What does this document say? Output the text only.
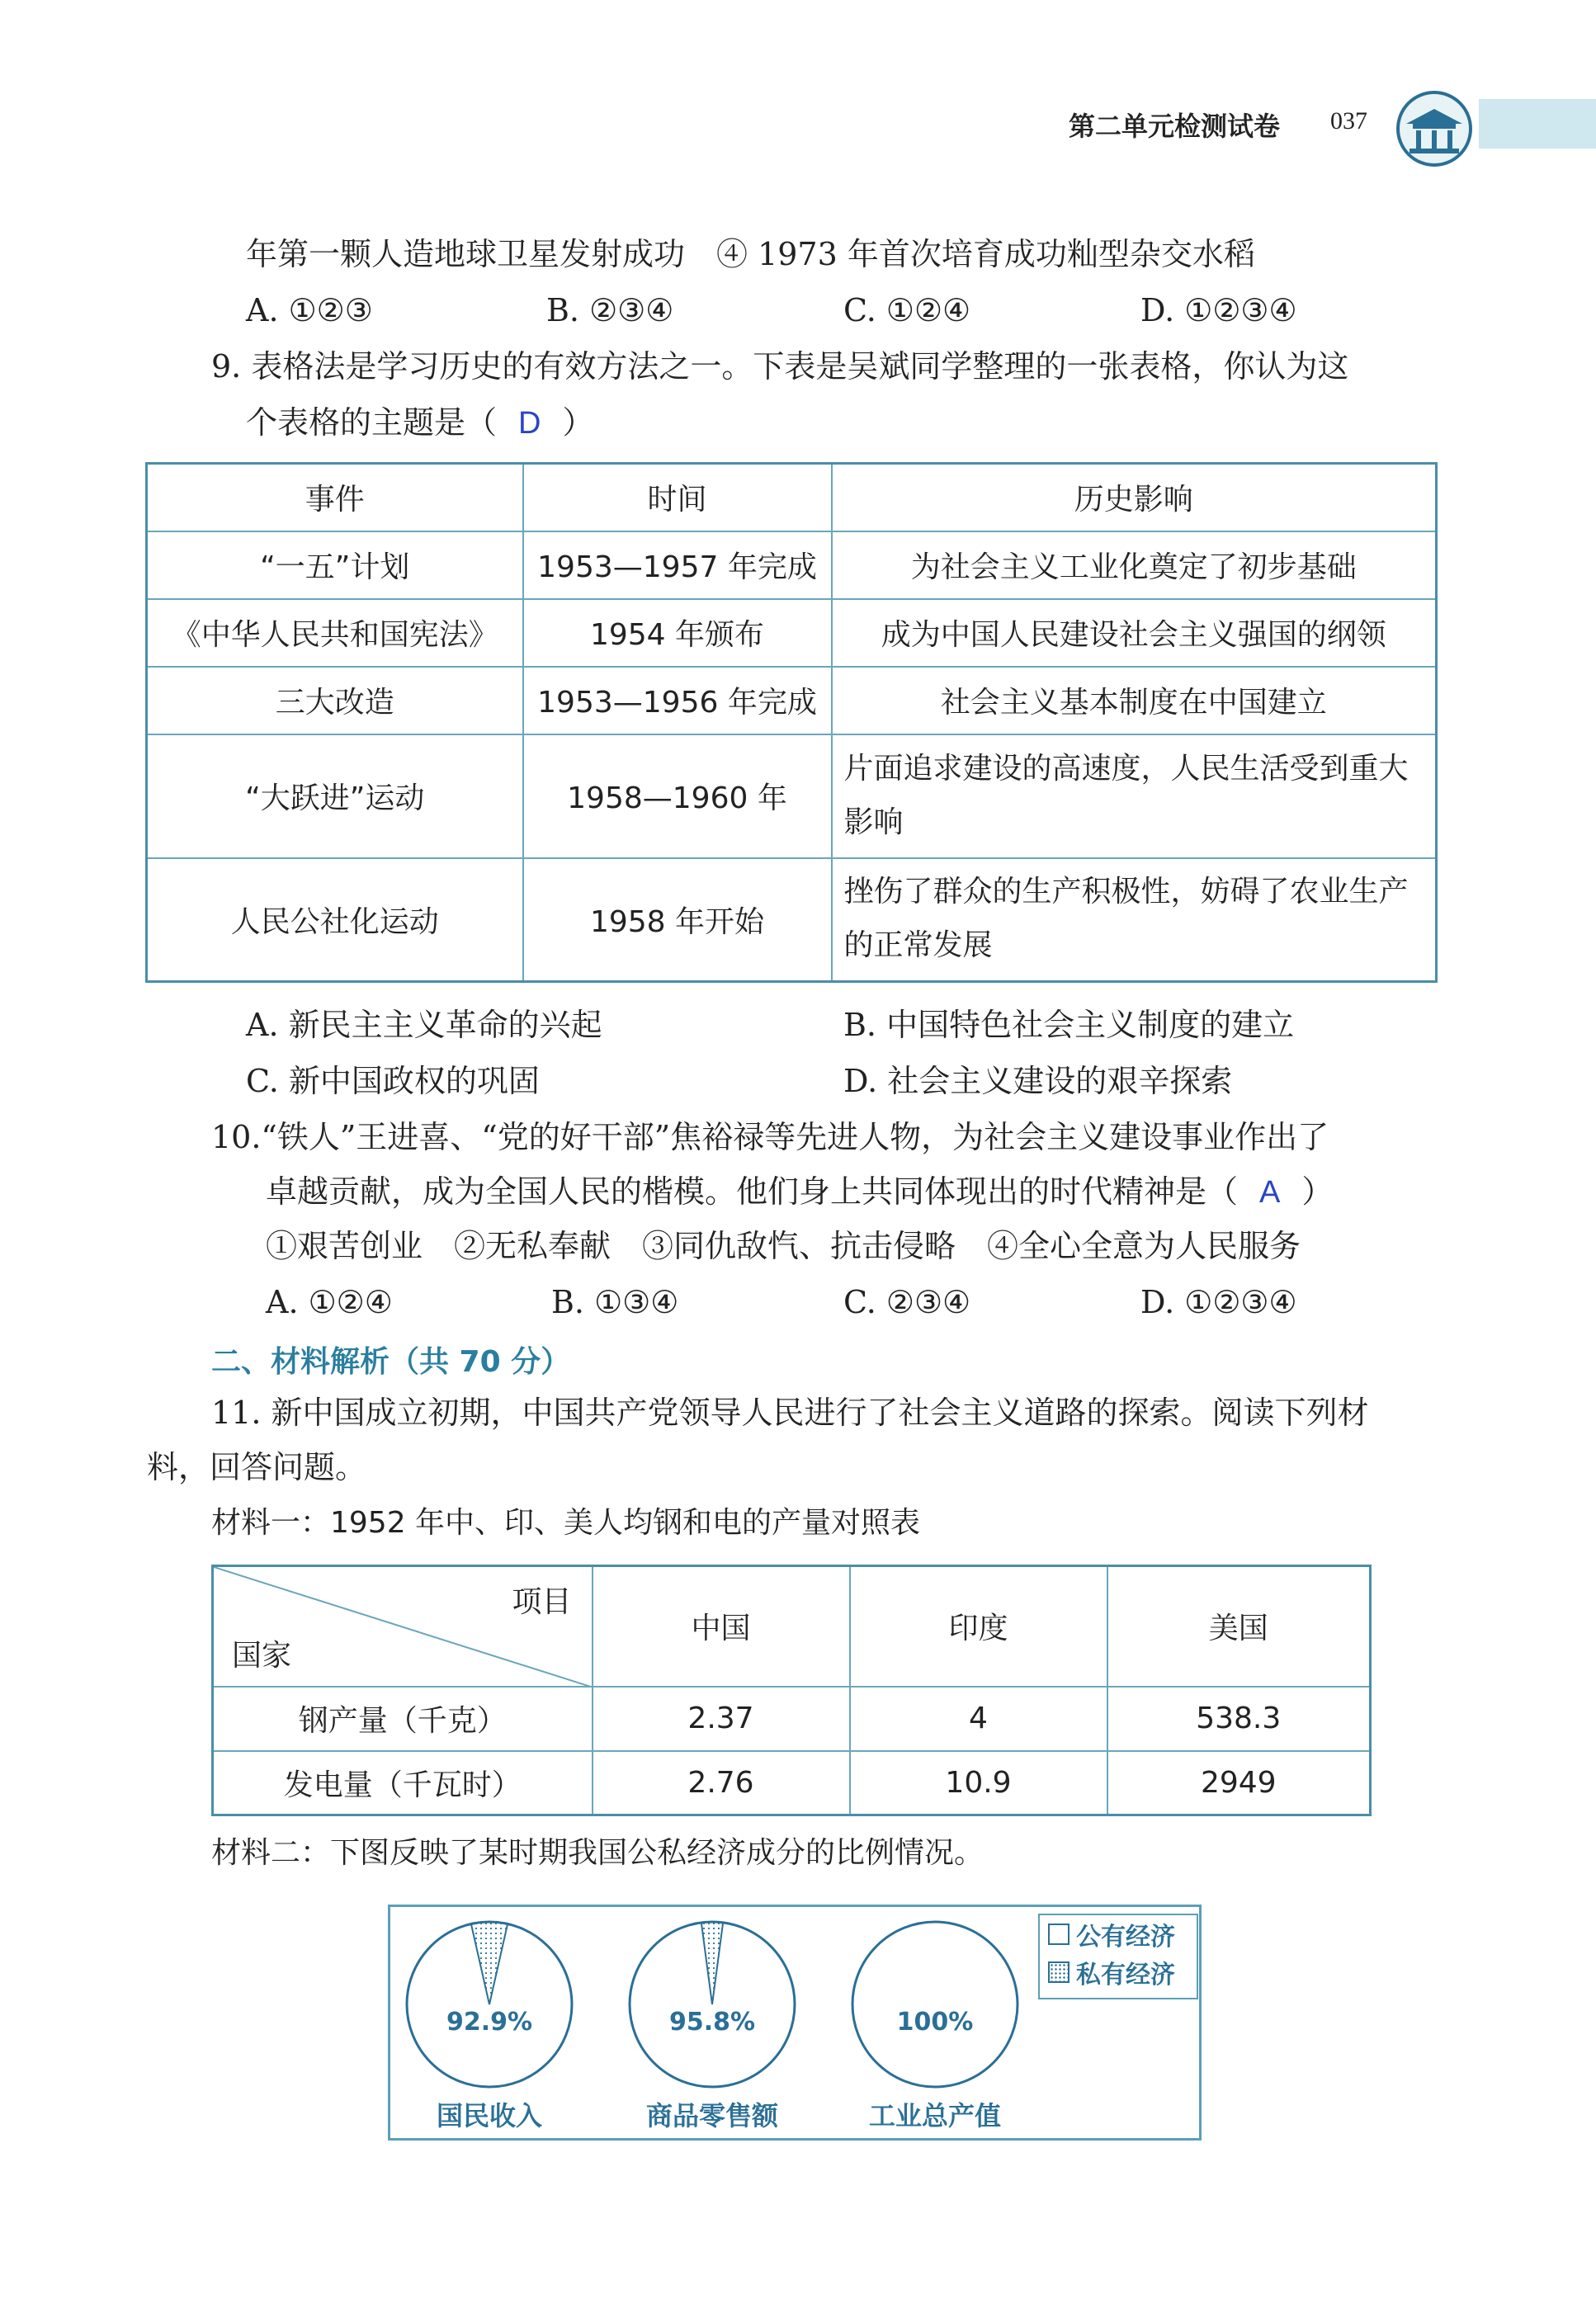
第二单元检测试卷 037
年第一颗人造地球卫星发射成功　④ 1973 年首次培育成功籼型杂交水稻
A. ①②③	B. ②③④	C. ①②④	D. ①②③④
9. 表格法是学习历史的有效方法之一。下表是吴斌同学整理的一张表格，你认为这
个表格的主题是（ D ）
事件	时间	历史影响
“一五”计划	1953—1957 年完成	为社会主义工业化奠定了初步基础
《中华人民共和国宪法》	1954 年颁布	成为中国人民建设社会主义强国的纲领
三大改造	1953—1956 年完成	社会主义基本制度在中国建立
“大跃进”运动	1958—1960 年	片面追求建设的高速度，人民生活受到重大影响
人民公社化运动	1958 年开始	挫伤了群众的生产积极性，妨碍了农业生产的正常发展
A. 新民主主义革命的兴起	B. 中国特色社会主义制度的建立
C. 新中国政权的巩固	D. 社会主义建设的艰辛探索
10.“铁人”王进喜、“党的好干部”焦裕禄等先进人物，为社会主义建设事业作出了
卓越贡献，成为全国人民的楷模。他们身上共同体现出的时代精神是（ A ）
①艰苦创业　②无私奉献　③同仇敌忾、抗击侵略　④全心全意为人民服务
A. ①②④	B. ①③④	C. ②③④	D. ①②③④
二、材料解析（共 70 分）
11. 新中国成立初期，中国共产党领导人民进行了社会主义道路的探索。阅读下列材
料，回答问题。
材料一：1952 年中、印、美人均钢和电的产量对照表
项目
国家	中国	印度	美国
钢产量（千克）	2.37	4	538.3
发电量（千瓦时）	2.76	10.9	2949
材料二：下图反映了某时期我国公私经济成分的比例情况。
92.9%	95.8%	100%
国民收入	商品零售额	工业总产值
公有经济
私有经济
